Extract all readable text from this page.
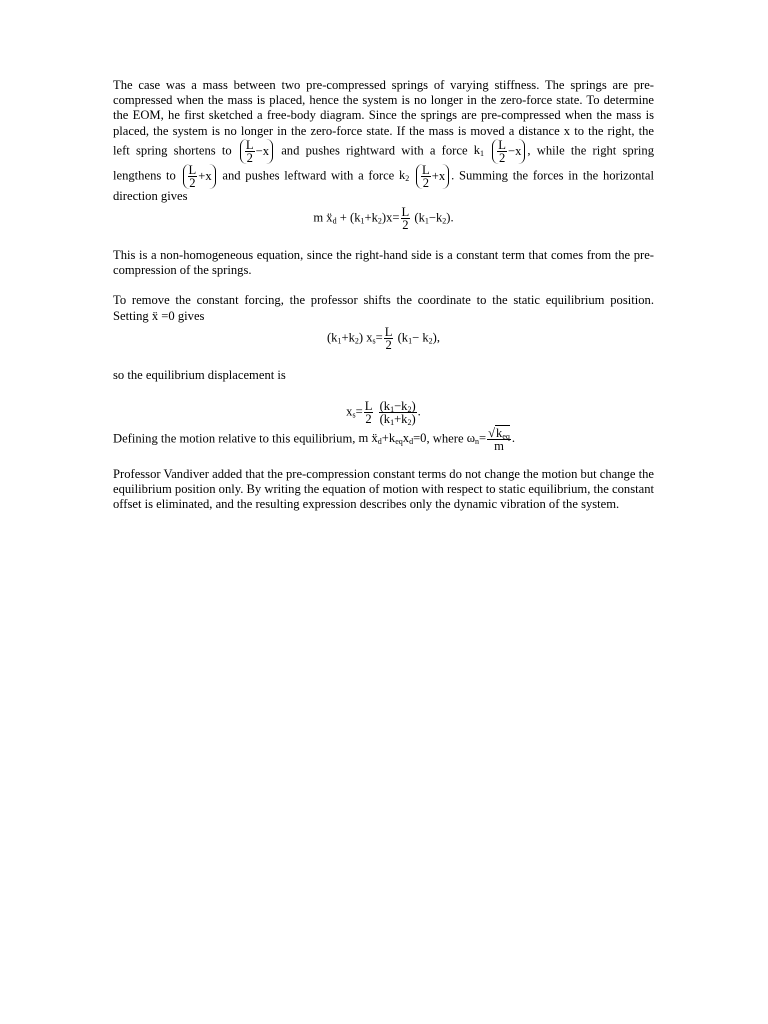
The case was a mass between two pre-compressed springs of varying stiffness. The springs are pre-compressed when the mass is placed, hence the system is no longer in the zero-force state. To determine the EOM, he first sketched a free-body diagram. Since the springs are pre-compressed when the mass is placed, the system is no longer in the zero-force state. If the mass is moved a distance x to the right, the left spring shortens to $\frac{L}{2} -x$ and pushes rightward with a force $k_1 \frac{L}{2} -x$ , while the right spring lengthens to $\frac{L}{2} +x$ and pushes leftward with a force $k_2 \frac{L}{2} +x$ . Summing the forces in the horizontal direction gives

m ẍ$_d$ + $(k_1+k_2)x= \frac{L}{2} (k_1-k_2)$.

This is a non-homogeneous equation, since the right-hand side is a constant term that comes from the pre-compression of the springs.

To remove the constant forcing, the professor shifts the coordinate to the static equilibrium position. Setting ẍ =0 gives

$(k_1+k_2)$ $x_s= \frac{L}{2} (k_1- k_2)$,

so the equilibrium displacement is

$x_s= \frac{L}{2}$
$\frac{(k_1-k_2)}{(k_1+k_2)}$ .

Defining the motion relative to this equilibrium, m $ẍ_d+k_{eq}x_d=0$, where $\omega_n= \frac{√k_{eq}}{m}$ .

Professor Vandiver added that the pre-compression constant terms do not change the motion but change the equilibrium position only. By writing the equation of motion with respect to static equilibrium, the constant offset is eliminated, and the resulting expression describes only the dynamic vibration of the system.
